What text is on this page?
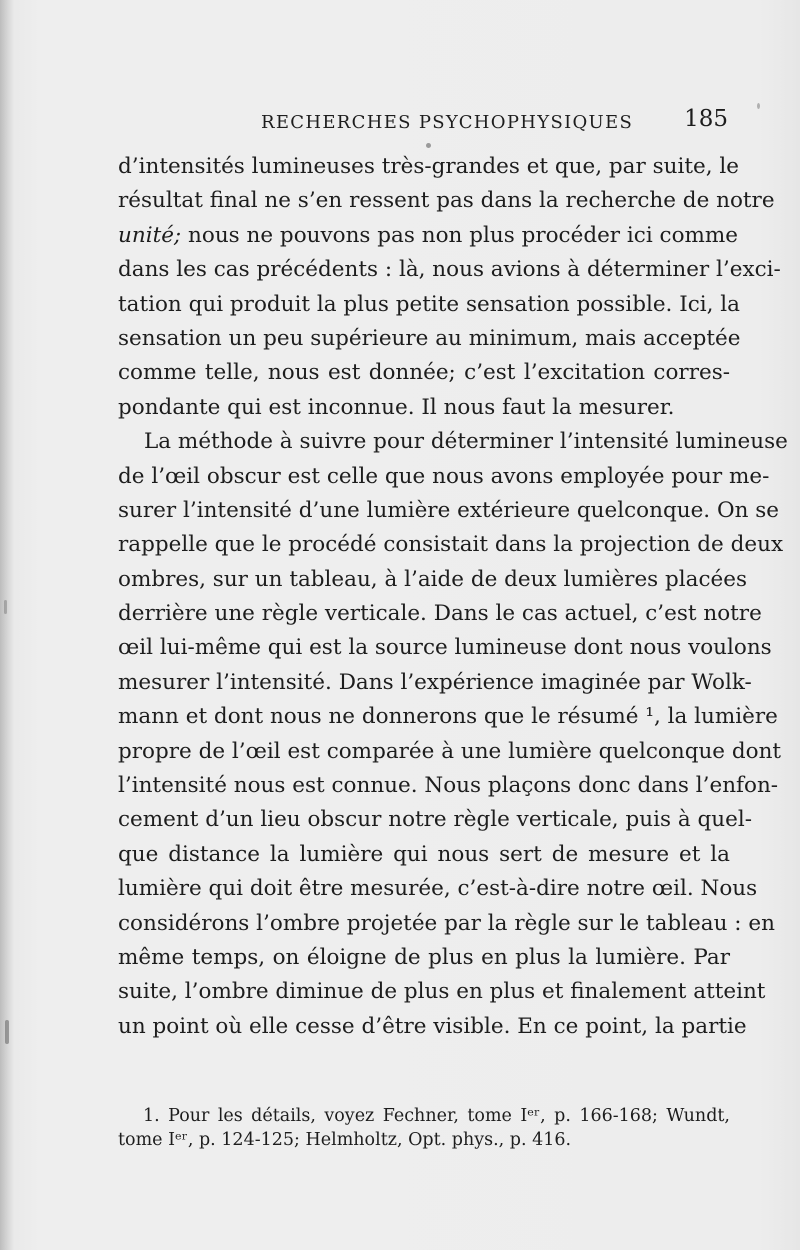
RECHERCHES PSYCHOPHYSIQUES 185
d’intensités lumineuses très-grandes et que, par suite, le
résultat final ne s’en ressent pas dans la recherche de notre
unité; nous ne pouvons pas non plus procéder ici comme
dans les cas précédents : là, nous avions à déterminer l’exci-
tation qui produit la plus petite sensation possible. Ici, la
sensation un peu supérieure au minimum, mais acceptée
comme telle, nous est donnée; c’est l’excitation corres-
pondante qui est inconnue. Il nous faut la mesurer.
La méthode à suivre pour déterminer l’intensité lumineuse
de l’œil obscur est celle que nous avons employée pour me-
surer l’intensité d’une lumière extérieure quelconque. On se
rappelle que le procédé consistait dans la projection de deux
ombres, sur un tableau, à l’aide de deux lumières placées
derrière une règle verticale. Dans le cas actuel, c’est notre
œil lui-même qui est la source lumineuse dont nous voulons
mesurer l’intensité. Dans l’expérience imaginée par Wolk-
mann et dont nous ne donnerons que le résumé ¹, la lumière
propre de l’œil est comparée à une lumière quelconque dont
l’intensité nous est connue. Nous plaçons donc dans l’enfon-
cement d’un lieu obscur notre règle verticale, puis à quel-
que distance la lumière qui nous sert de mesure et la
lumière qui doit être mesurée, c’est-à-dire notre œil. Nous
considérons l’ombre projetée par la règle sur le tableau : en
même temps, on éloigne de plus en plus la lumière. Par
suite, l’ombre diminue de plus en plus et finalement atteint
un point où elle cesse d’être visible. En ce point, la partie
1. Pour les détails, voyez Fechner, tome Iᵉʳ, p. 166-168; Wundt,
tome Iᵉʳ, p. 124-125; Helmholtz, Opt. phys., p. 416.
